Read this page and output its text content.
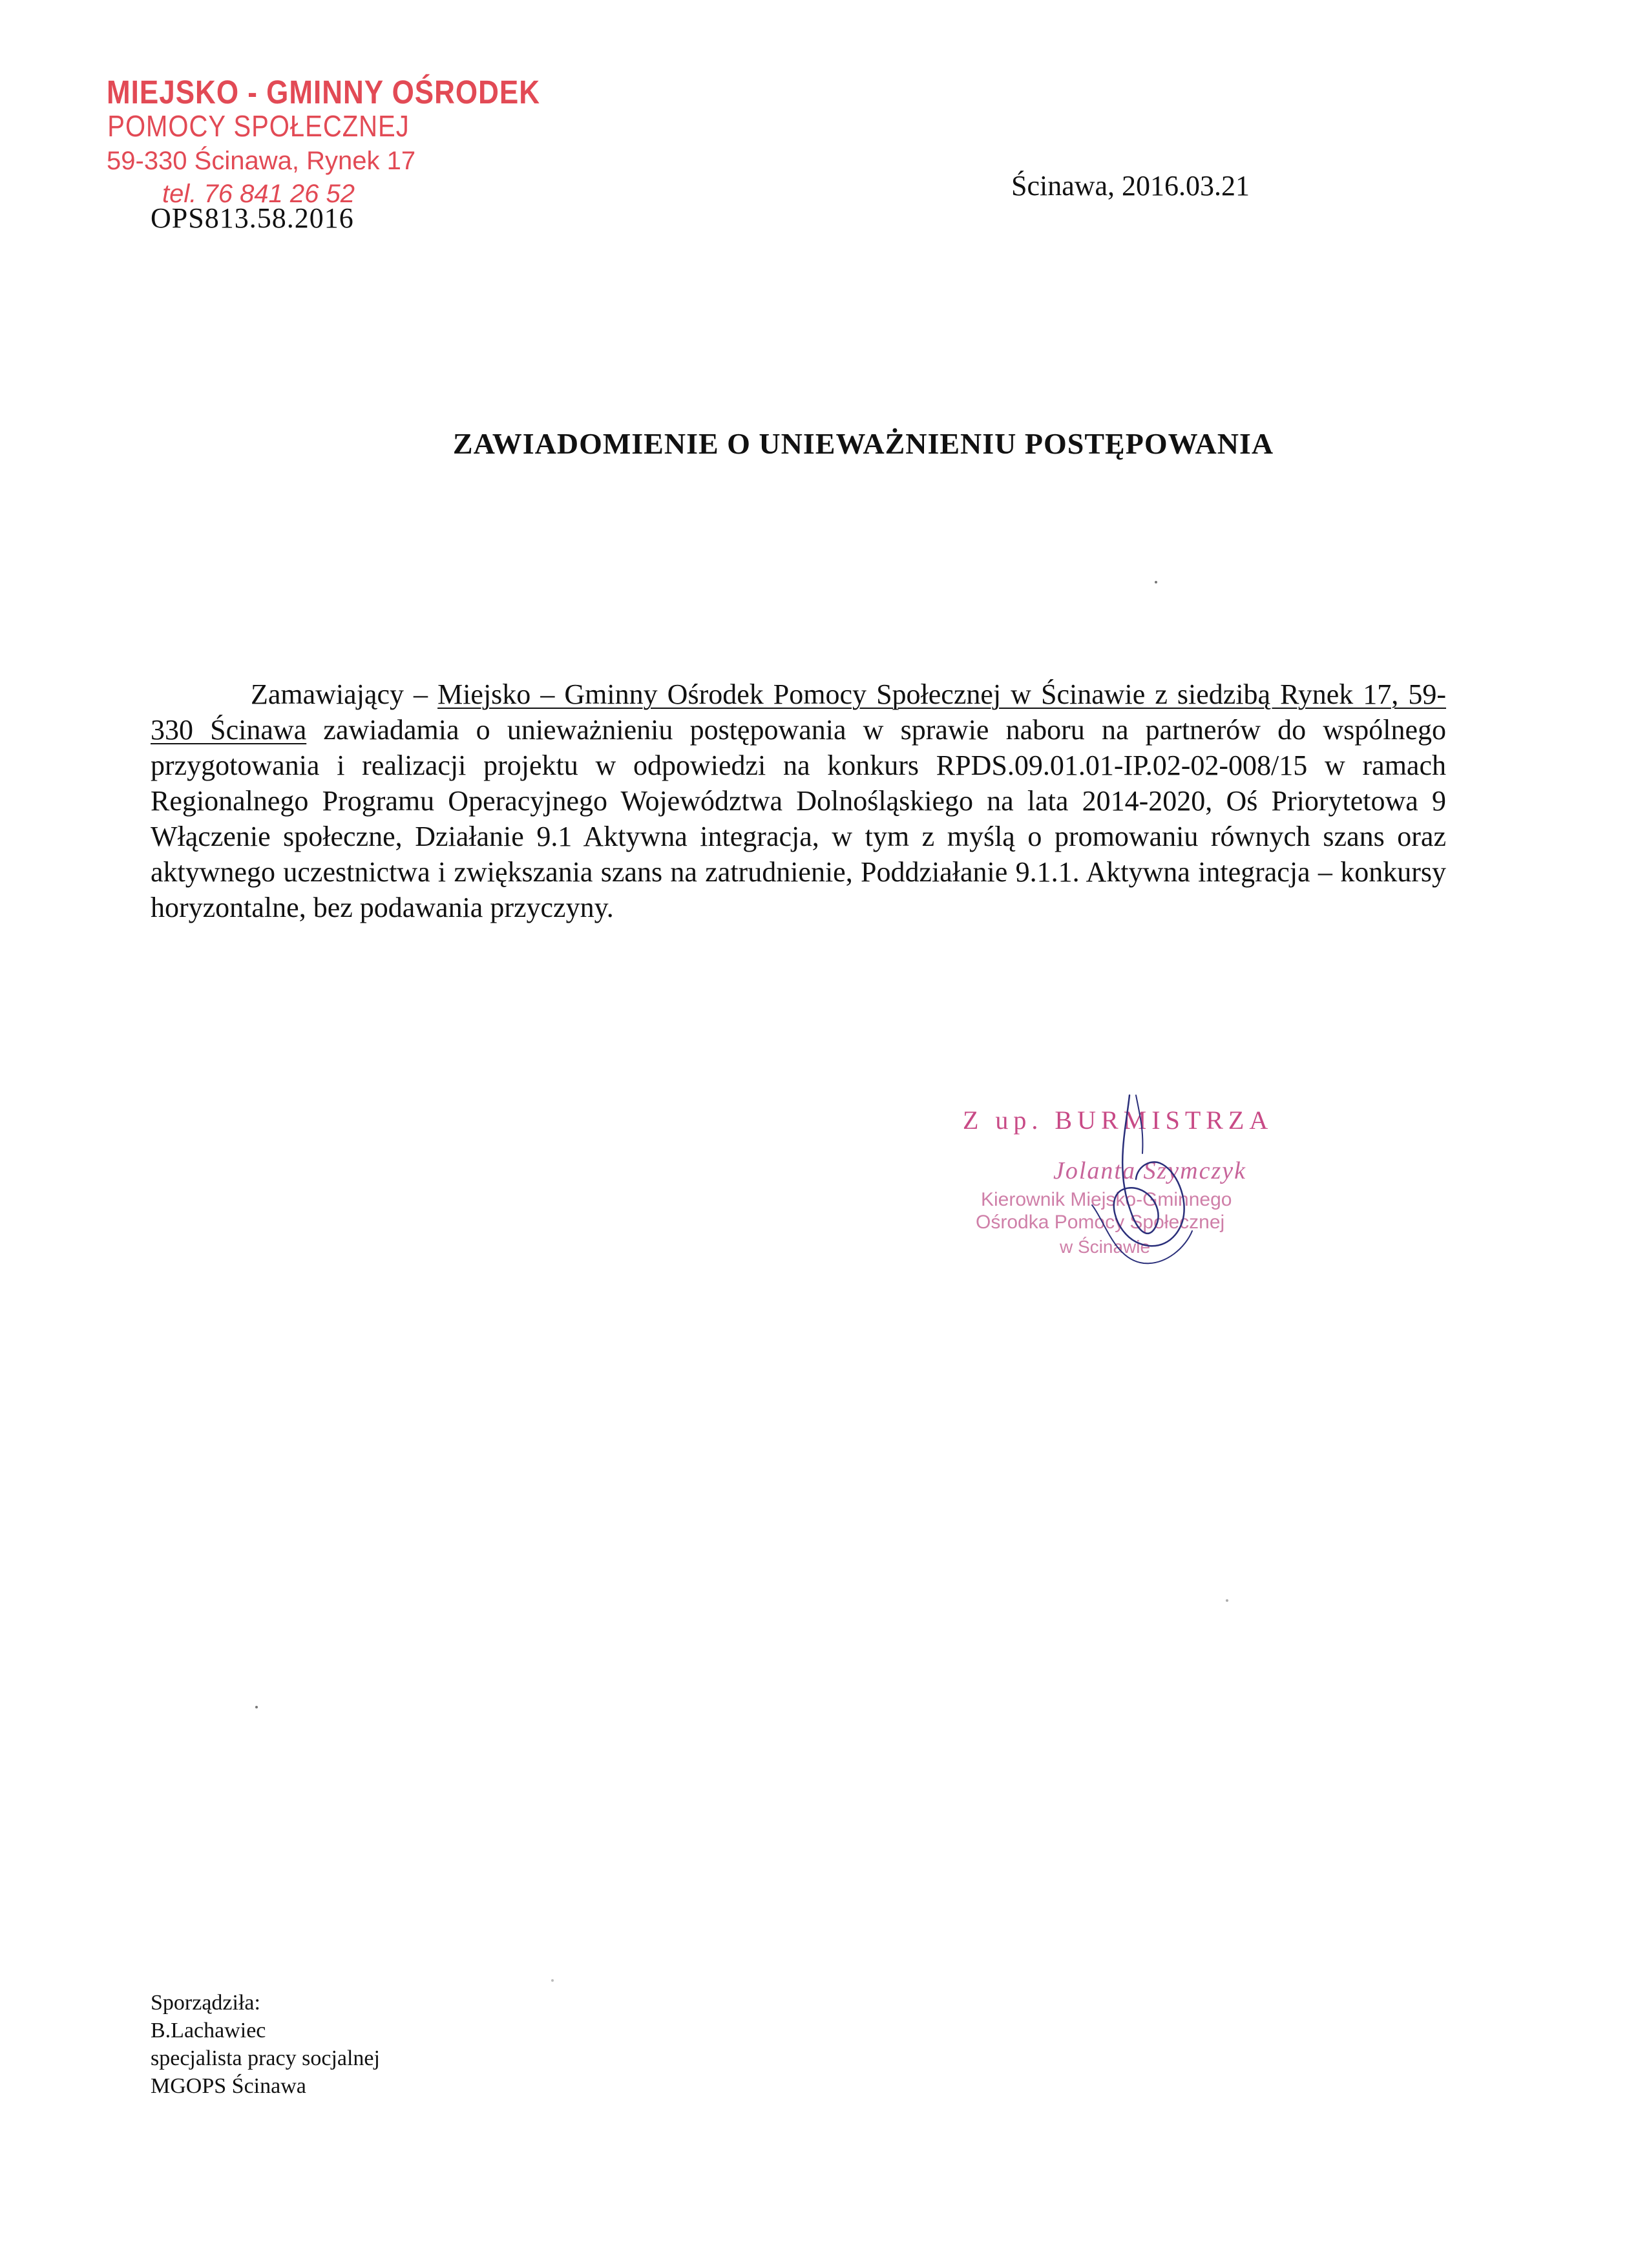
MIEJSKO - GMINNY OŚRODEK
POMOCY SPOŁECZNEJ
59-330 Ścinawa, Rynek 17
tel. 76 841 26 52
OPS813.58.2016
Ścinawa, 2016.03.21
ZAWIADOMIENIE O UNIEWAŻNIENIU POSTĘPOWANIA

Zamawiający – Miejsko – Gminny Ośrodek Pomocy Społecznej w Ścinawie z siedzibą Rynek 17, 59-330 Ścinawa zawiadamia o unieważnieniu postępowania w sprawie naboru na partnerów do wspólnego przygotowania i realizacji projektu w odpowiedzi na konkurs RPDS.09.01.01-IP.02-02-008/15 w ramach Regionalnego Programu Operacyjnego Województwa Dolnośląskiego na lata 2014-2020, Oś Priorytetowa 9 Włączenie społeczne, Działanie 9.1 Aktywna integracja, w tym z myślą o promowaniu równych szans oraz aktywnego uczestnictwa i zwiększania szans na zatrudnienie, Poddziałanie 9.1.1. Aktywna integracja – konkursy horyzontalne, bez podawania przyczyny.

Z up. BURMISTRZA
Jolanta Szymczyk
Kierownik Miejsko-Gminnego
Ośrodka Pomocy Społecznej
w Ścinawie
Sporządziła:
B.Lachawiec
specjalista pracy socjalnej
MGOPS Ścinawa
